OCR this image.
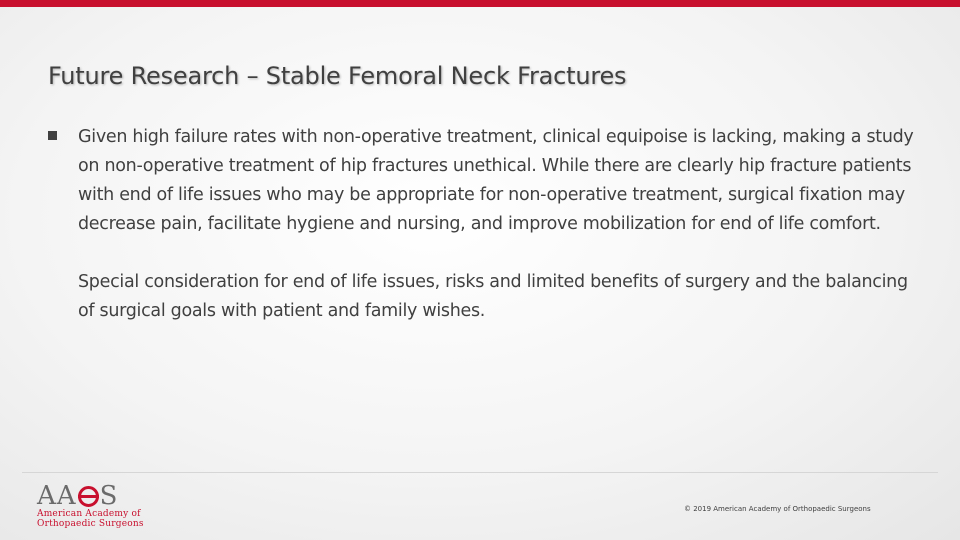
Future Research – Stable Femoral Neck Fractures

Given high failure rates with non-operative treatment, clinical equipoise is lacking, making a study on non-operative treatment of hip fractures unethical. While there are clearly hip fracture patients with end of life issues who may be appropriate for non-operative treatment, surgical fixation may decrease pain, facilitate hygiene and nursing, and improve mobilization for end of life comfort.

Special consideration for end of life issues, risks and limited benefits of surgery and the balancing of surgical goals with patient and family wishes.

AA S
American Academy of
Orthopaedic Surgeons
© 2019 American Academy of Orthopaedic Surgeons
